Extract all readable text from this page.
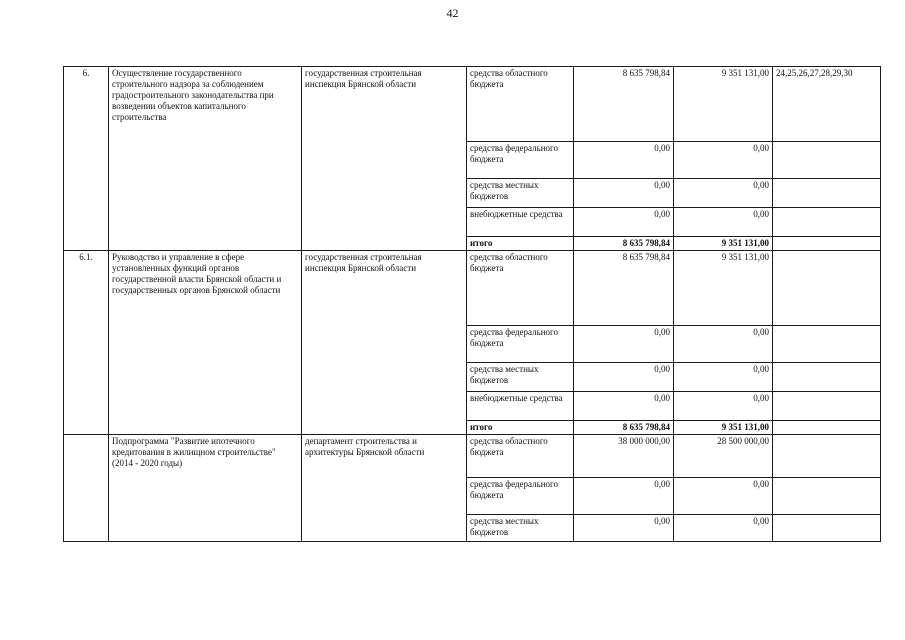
42
6.	Осуществление государственного строительного надзора за соблюдением градостроительного законодательства при возведении объектов капитального строительства	государственная строительная инспекция Брянской области	средства областного бюджета	8 635 798,84	9 351 131,00	24,25,26,27,28,29,30
			средства федерального бюджета	0,00	0,00	
			средства местных бюджетов	0,00	0,00	
			внебюджетные средства	0,00	0,00	
			итого	8 635 798,84	9 351 131,00	
6.1.	Руководство и управление в сфере установленных функций органов государственной власти Брянской области и государственных органов Брянской области	государственная строительная инспекция Брянской области	средства областного бюджета	8 635 798,84	9 351 131,00	
			средства федерального бюджета	0,00	0,00	
			средства местных бюджетов	0,00	0,00	
			внебюджетные средства	0,00	0,00	
			итого	8 635 798,84	9 351 131,00	
	Подпрограмма "Развитие ипотечного кредитования в жилищном строительстве" (2014 - 2020 годы)	департамент строительства и архитектуры Брянской области	средства областного бюджета	38 000 000,00	28 500 000,00	
			средства федерального бюджета	0,00	0,00	
			средства местных бюджетов	0,00	0,00	
